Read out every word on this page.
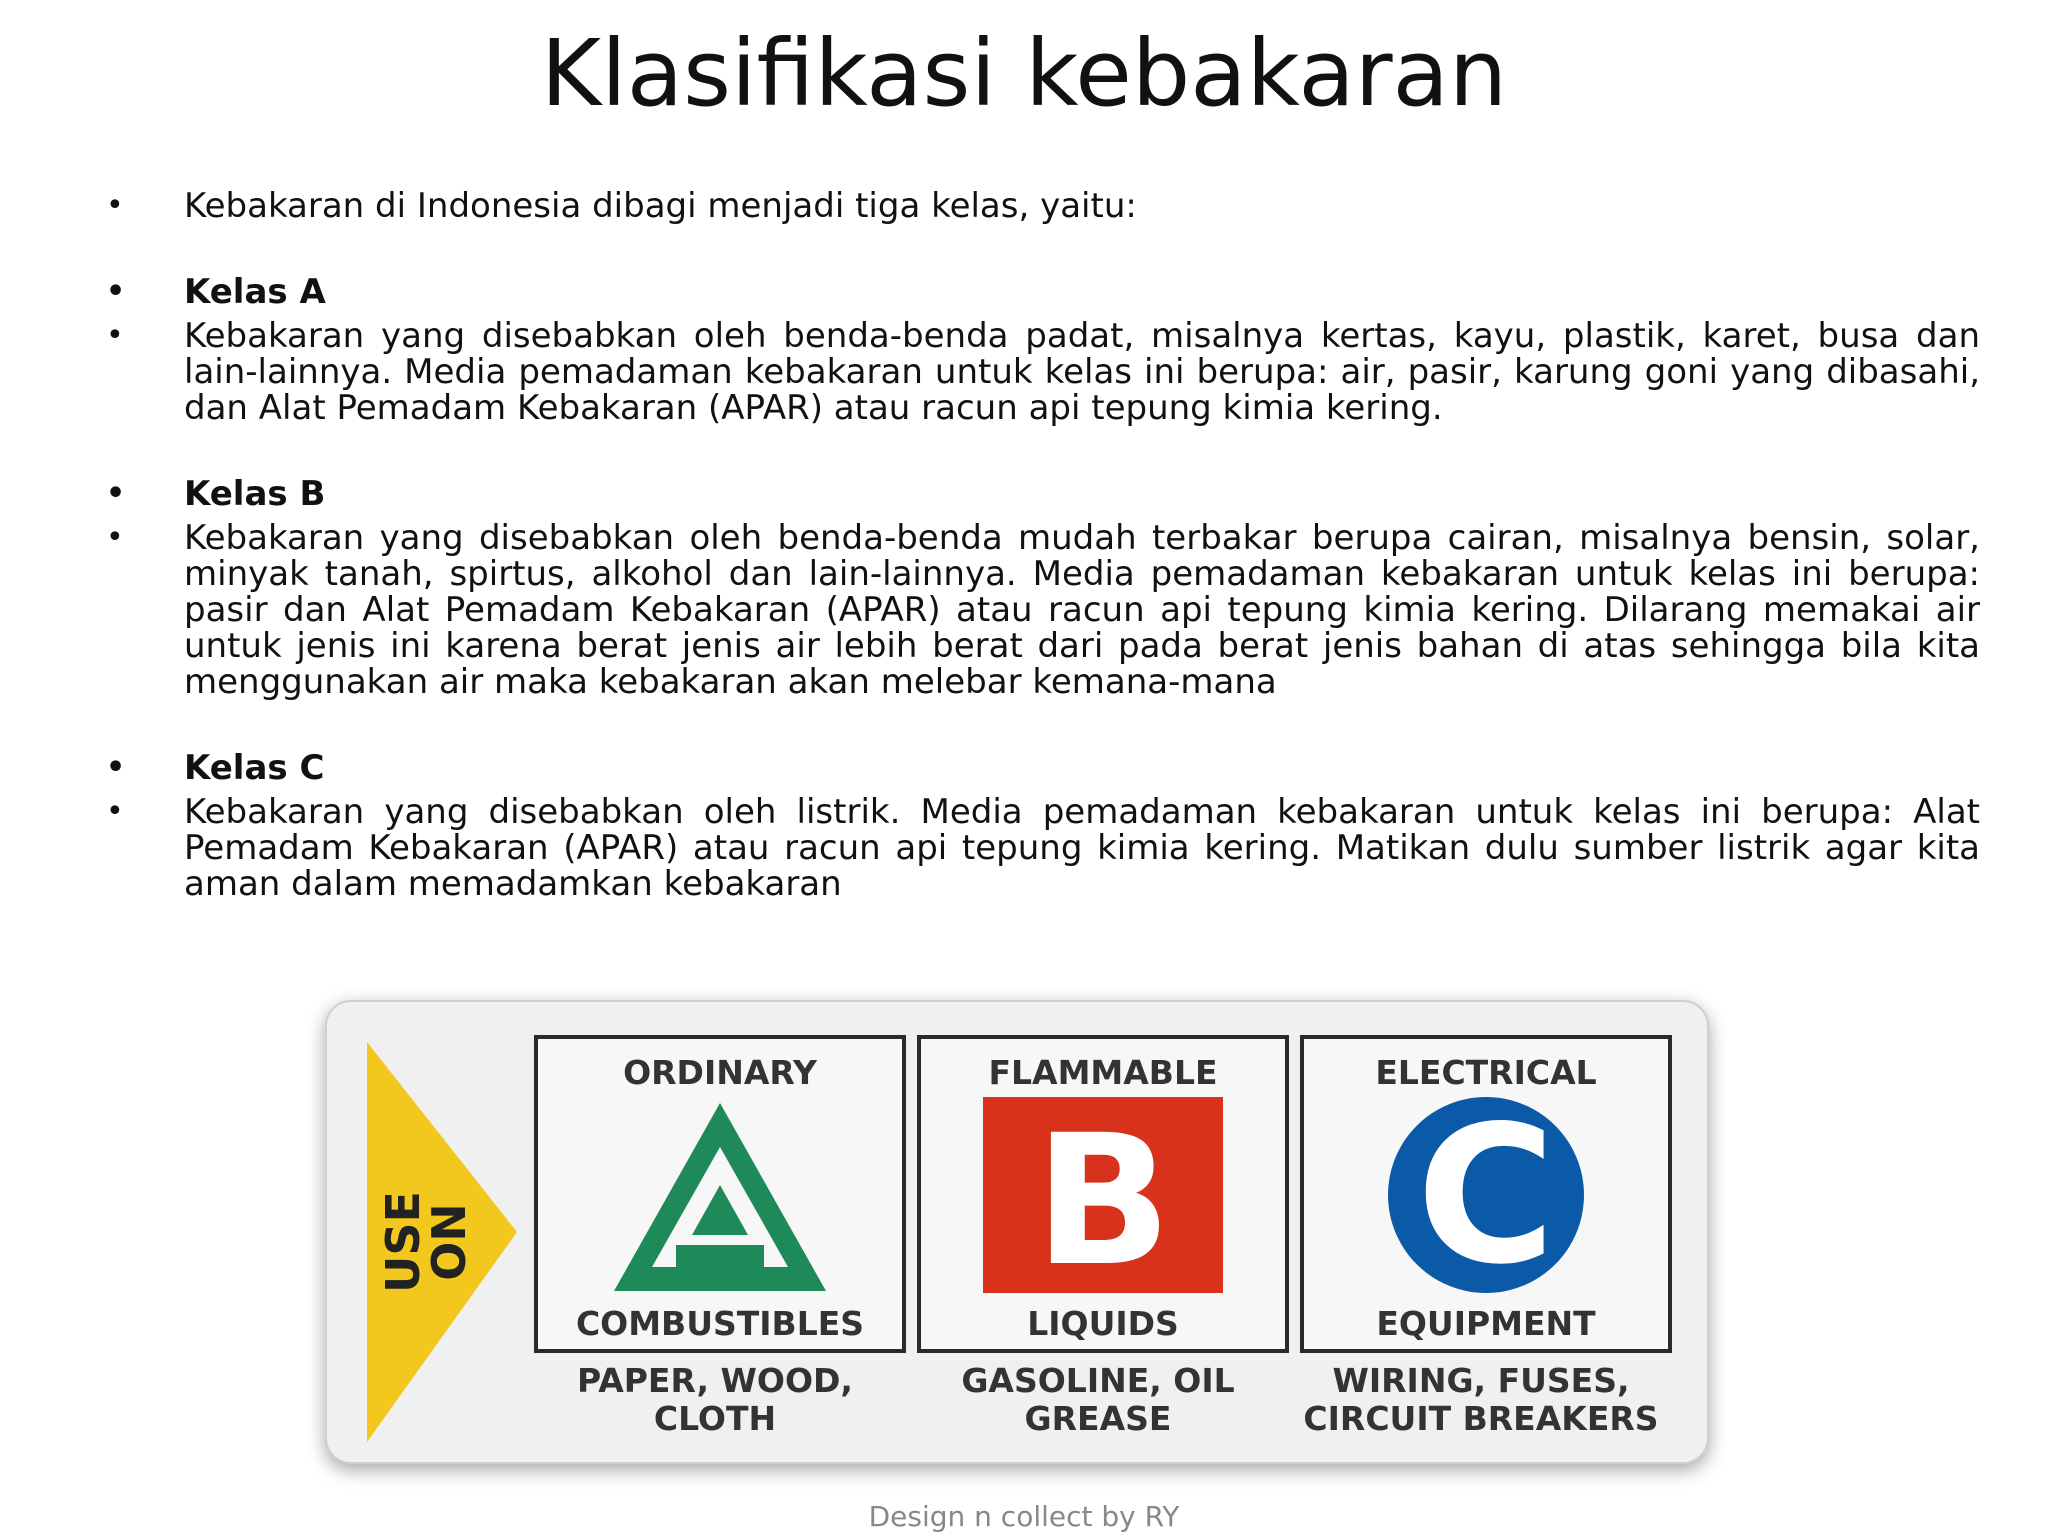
Klasifikasi kebakaran
• Kebakaran di Indonesia dibagi menjadi tiga kelas, yaitu:
• Kelas A
• Kebakaran yang disebabkan oleh benda-benda padat, misalnya kertas, kayu, plastik, karet, busa dan lain-lainnya. Media pemadaman kebakaran untuk kelas ini berupa: air, pasir, karung goni yang dibasahi, dan Alat Pemadam Kebakaran (APAR) atau racun api tepung kimia kering.
• Kelas B
• Kebakaran yang disebabkan oleh benda-benda mudah terbakar berupa cairan, misalnya bensin, solar, minyak tanah, spirtus, alkohol dan lain-lainnya. Media pemadaman kebakaran untuk kelas ini berupa: pasir dan Alat Pemadam Kebakaran (APAR) atau racun api tepung kimia kering. Dilarang memakai air untuk jenis ini karena berat jenis air lebih berat dari pada berat jenis bahan di atas sehingga bila kita menggunakan air maka kebakaran akan melebar kemana-mana
• Kelas C
• Kebakaran yang disebabkan oleh listrik. Media pemadaman kebakaran untuk kelas ini berupa: Alat Pemadam Kebakaran (APAR) atau racun api tepung kimia kering. Matikan dulu sumber listrik agar kita aman dalam memadamkan kebakaran
USE
ON
ORDINARY
COMBUSTIBLES
FLAMMABLE
B
LIQUIDS
ELECTRICAL
C
EQUIPMENT
PAPER, WOOD,
CLOTH
GASOLINE, OIL
GREASE
WIRING, FUSES,
CIRCUIT BREAKERS
Design n collect by RY
